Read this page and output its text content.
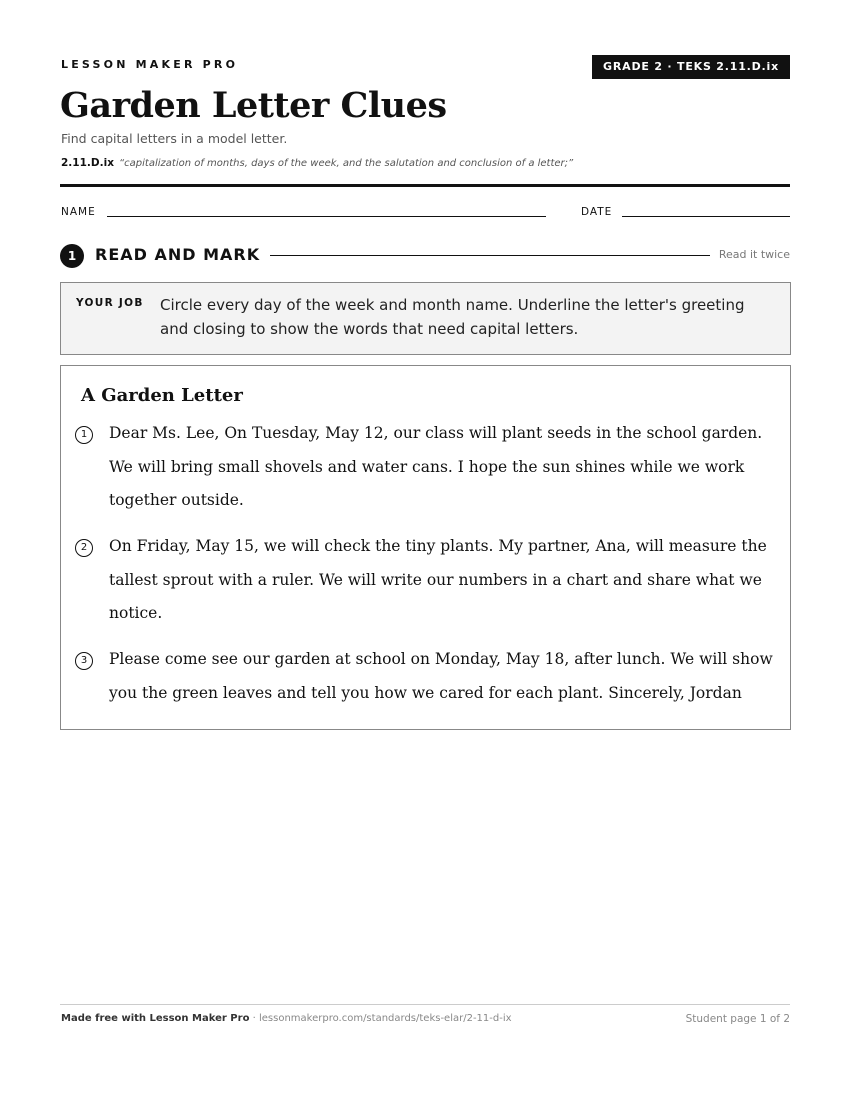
LESSON MAKER PRO	GRADE 2 · TEKS 2.11.D.ix
Garden Letter Clues
Find capital letters in a model letter.
2.11.D.ix “capitalization of months, days of the week, and the salutation and conclusion of a letter;”
NAME	DATE
1	READ AND MARK	Read it twice
YOUR JOB Circle every day of the week and month name. Underline the letter's greeting and closing to show the words that need capital letters.
A Garden Letter
1	Dear Ms. Lee, On Tuesday, May 12, our class will plant seeds in the school garden. We will bring small shovels and water cans. I hope the sun shines while we work together outside.
2	On Friday, May 15, we will check the tiny plants. My partner, Ana, will measure the tallest sprout with a ruler. We will write our numbers in a chart and share what we notice.
3	Please come see our garden at school on Monday, May 18, after lunch. We will show you the green leaves and tell you how we cared for each plant. Sincerely, Jordan
Made free with Lesson Maker Pro · lessonmakerpro.com/standards/teks-elar/2-11-d-ix	Student page 1 of 2
